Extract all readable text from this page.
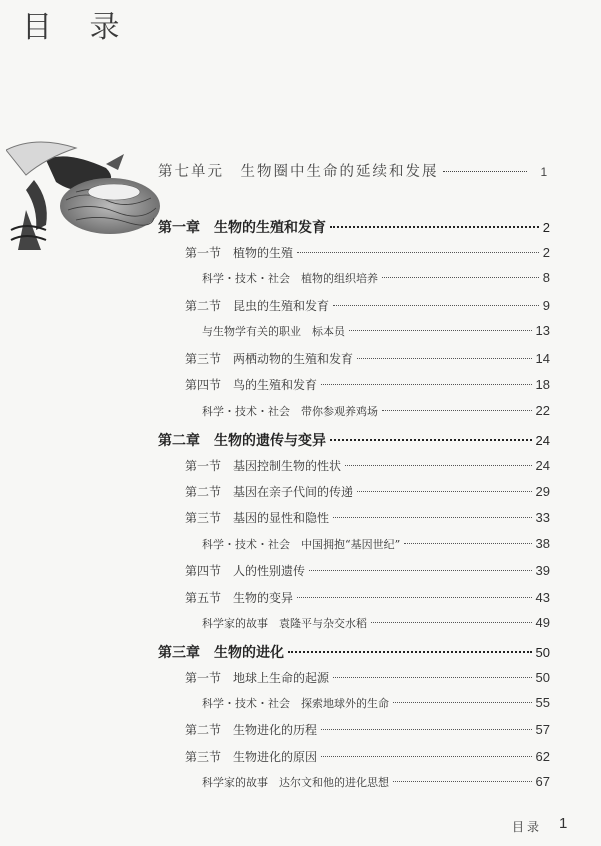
目 录
第七单元　生物圈中生命的延续和发展	1
第一章　生物的生殖和发育	2
第一节　植物的生殖	2
科学・技术・社会　植物的组织培养	8
第二节　昆虫的生殖和发育	9
与生物学有关的职业　标本员	13
第三节　两栖动物的生殖和发育	14
第四节　鸟的生殖和发育	18
科学・技术・社会　带你参观养鸡场	22
第二章　生物的遗传与变异	24
第一节　基因控制生物的性状	24
第二节　基因在亲子代间的传递	29
第三节　基因的显性和隐性	33
科学・技术・社会　中国拥抱“基因世纪”	38
第四节　人的性别遗传	39
第五节　生物的变异	43
科学家的故事　袁隆平与杂交水稻	49
第三章　生物的进化	50
第一节　地球上生命的起源	50
科学・技术・社会　探索地球外的生命	55
第二节　生物进化的历程	57
第三节　生物进化的原因	62
科学家的故事　达尔文和他的进化思想	67
目录 1
